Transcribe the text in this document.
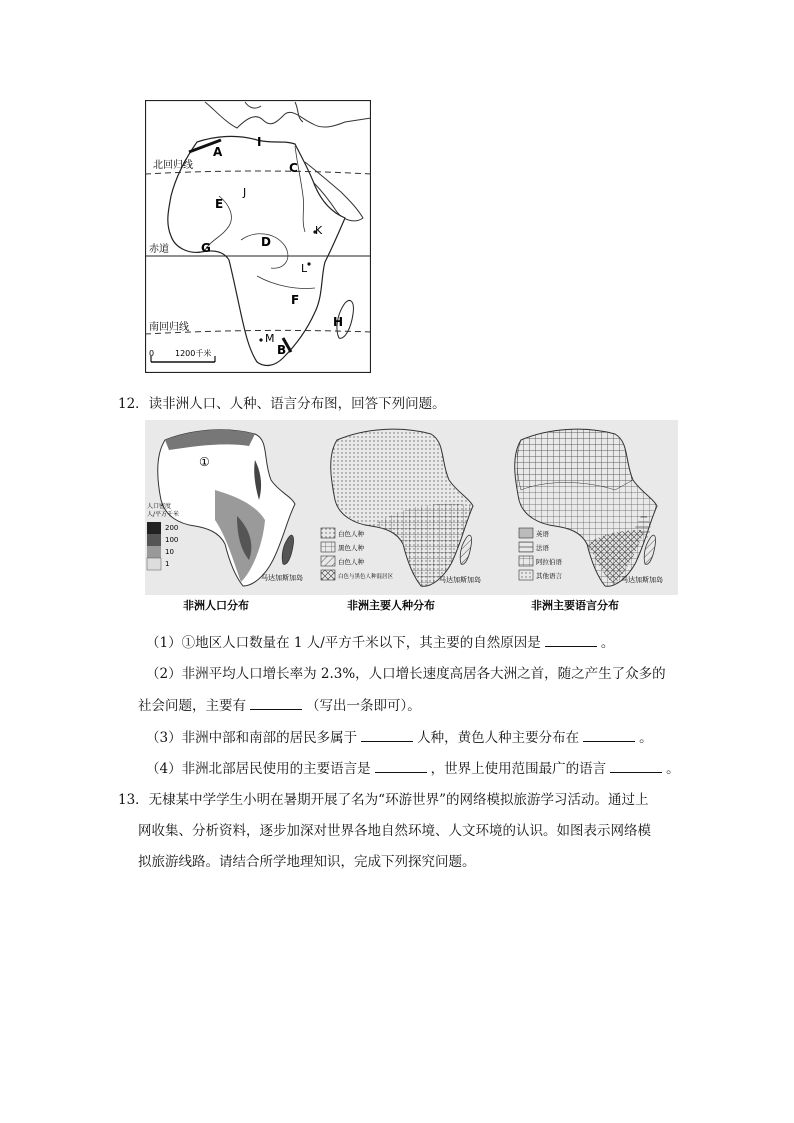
北回归线
赤道
南回归线
A
I
C
J
E
K
G	D
L
F
H
M
B
0	1200千米
12．读非洲人口、人种、语言分布图，回答下列问题。
①
人口密度
人/平方千米
200
100
10
1
马达加斯加岛
非洲人口分布
白色人种
黑色人种
白色人种
白色与黑色人种混居区	马达加斯加岛
非洲主要人种分布
英语
法语
阿拉伯语
其他语言	马达加斯加岛
非洲主要语言分布
（1）①地区人口数量在 1 人/平方千米以下，其主要的自然原因是	。
（2）非洲平均人口增长率为 2.3%，人口增长速度高居各大洲之首，随之产生了众多的
社会问题，主要有	（写出一条即可）。
（3）非洲中部和南部的居民多属于	人种，黄色人种主要分布在	。
（4）非洲北部居民使用的主要语言是	，世界上使用范围最广的语言	。
13．无棣某中学学生小明在暑期开展了名为“环游世界”的网络模拟旅游学习活动。通过上
网收集、分析资料，逐步加深对世界各地自然环境、人文环境的认识。如图表示网络模
拟旅游线路。请结合所学地理知识，完成下列探究问题。
